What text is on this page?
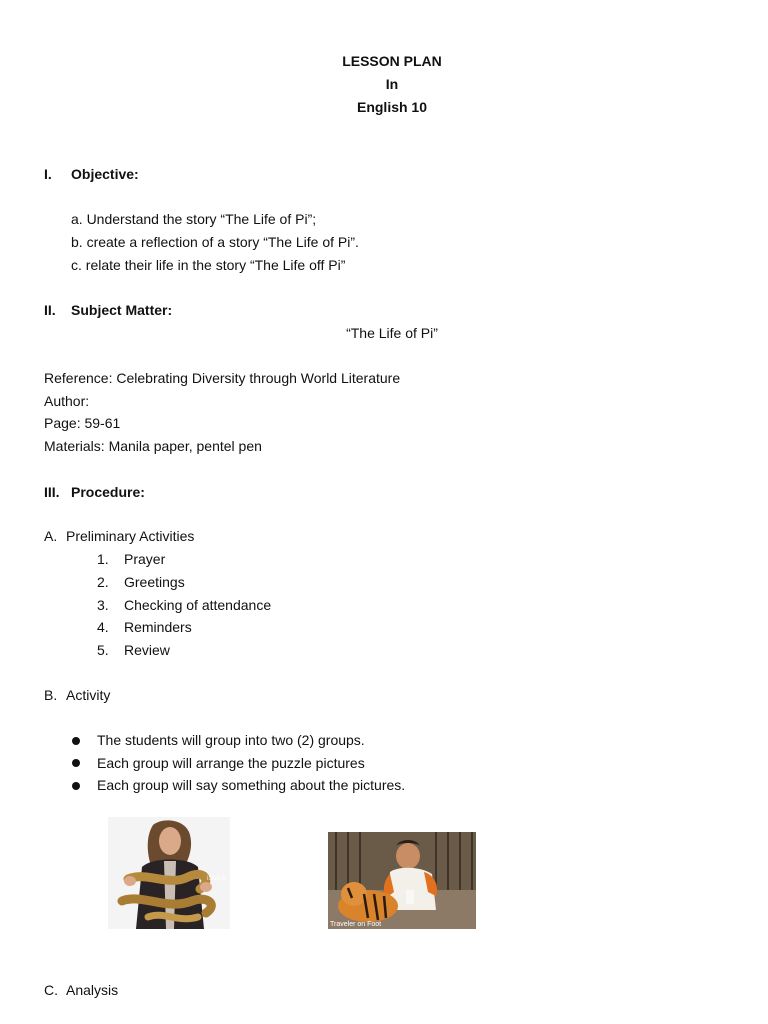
LESSON PLAN
In
English 10
I. Objective:
a. Understand the story “The Life of Pi”;
b. create a reflection of a story “The Life of Pi”.
c. relate their life in the story “The Life off Pi”
II. Subject Matter:
“The Life of Pi”
Reference: Celebrating Diversity through World Literature
Author:
Page: 59-61
Materials: Manila paper, pentel pen
III. Procedure:
A. Preliminary Activities
1. Prayer
2. Greetings
3. Checking of attendance
4. Reminders
5. Review
B. Activity
The students will group into two (2) groups.
Each group will arrange the puzzle pictures
Each group will say something about the pictures.
iStock
Traveler on Foot
C. Analysis
